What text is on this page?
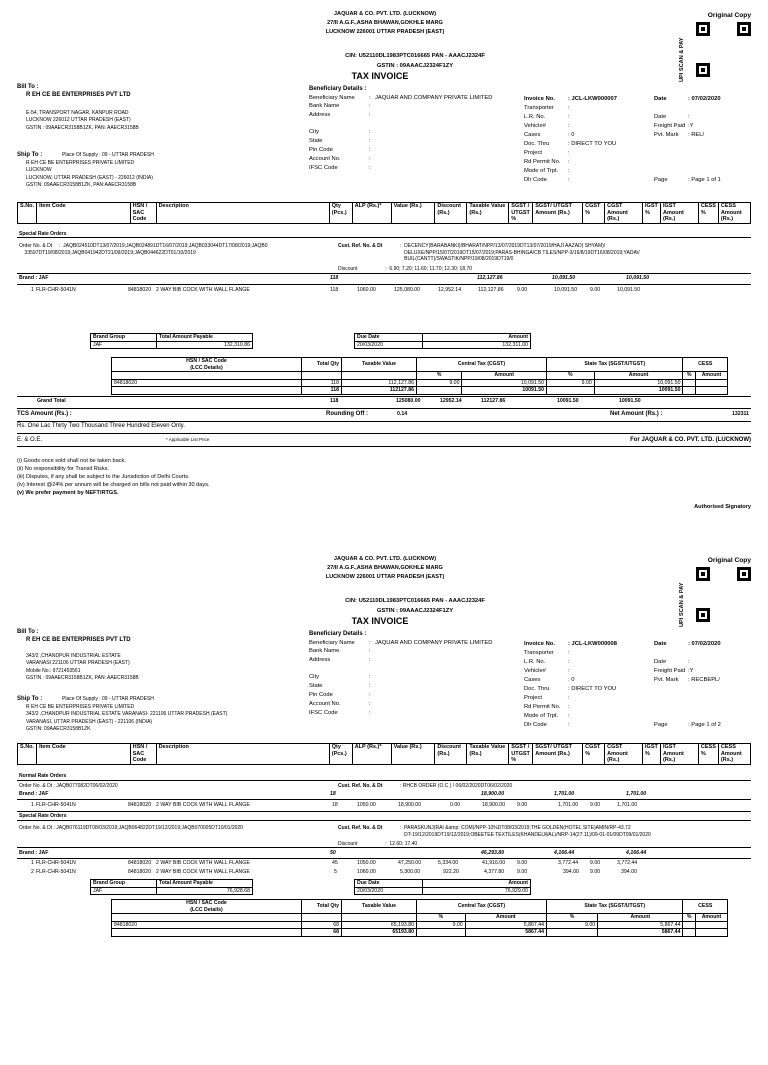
JAQUAR & CO. PVT. LTD. (LUCKNOW)
27/II A.G.F.,ASHA BHAWAN,GOKHLE MARG
LUCKNOW 226001 UTTAR PRADESH (EAST)
Original Copy
UPI SCAN & PAY
CIN: U52110DL1983PTC016665 PAN - AAACJ2324F
GSTIN : 09AAACJ2324F1ZY
TAX INVOICE
Bill To :
R EH CE BE ENTERPRISES PVT LTD
E-54, TRANSPORT NAGAR, KANPUR ROAD
LUCKNOW 226012 UTTAR PRADESH (EAST)
GSTIN : 09AAECR3158B1ZK, PAN: AAECR3158B
Ship To :	Place Of Supply : 09 - UTTAR PRADESH
R EH CE BE ENTERPRISES PRIVATE LIMITED
LUCKNOW
LUCKNOW, UTTAR PRADESH (EAST) - 226012 (INDIA)
GSTIN: 09AAECR3158B1ZK, PAN:AAECR3158B
Beneficiary Details :
Beneficiary Name	:	JAQUAR AND COMPANY PRIVATE LIMITED
Bank Name	:	
Address	:	

City	:	
State	:	
Pin Code	:	
Account No.	:	
IFSC Code	:	
Invoice No.	: JCL-LKW000007	Date	: 07/02/2020
Transporter	:		
L.R. No.	:	Date	:
Vehicle#	:	Freight Paid	:Y
Cases	: 0	Pvt. Mark	: REL/
Doc. Thru	: DIRECT TO YOU		
Project	:		
Rd Permit No.	:		
Mode of Trpt.	:		
Dlr Code	:	Page	: Page 1 of 1
S.No.	Item Code	HSN / SAC Code	Description	Qty (Pcs.)	ALP (Rs.)*	Value (Rs.)	Discount (Rs.)	Taxable Value (Rs.)	SGST / UTGST %	SGST/ UTGST Amount (Rs.)	CGST %	CGST Amount (Rs.)	IGST %	IGST Amount (Rs.)	CESS %	CESS Amount (Rs.)
Special Rate Orders
Order No. & Dt     :  JAQB024510DT13/07/2019;JAQB024891DT16/07/2019;JAQB033044DT17/08/2019;JAQB0
33597DT19/08/2019;JAQB041942DT21/09/2019;JAQB044622DT01/10/2019
Cust. Ref. No. & Dt	:  DECENCY(BARABANKI)/BHARAT/NPP/13/07/2019DT13/07/2019/HAJI AAZAD( SHYAM)/
DELUXE/NPP/15/07/2019DT15/07/2019;PARAS-BHINGA/CB TILES/NPP-3/16/8/19DT16/08/2019;YADAV
BUIL(CANTT)/SWASTIK/NPP/19/08/2019DT19/0
Discount                    :  6.90; 7.20; 11.60; 11.70; 12.30; 18.70
Brand : JAF	118	112,127.86	10,091.50	10,091.50
1 FLR-CHR-5041N	84818020 2 WAY BIB COCK WITH WALL FLANGE	118	1060.00	125,080.00	12,952.14	112,127.86	9.00	10,091.50 9.00	10,091.50
Brand Group	Total Amount Payable
JAF	132,310.86
Due Date	Amount
20/03/2020	132,311.00
HSN / SAC Code
(LCC Details)	Total Qty	Taxable Value	Central Tax (CGST)		State Tax (SGST/UTGST)		CESS	
			%	Amount	%	Amount	%	Amount
84818020	118	112,127.86	9.00	10,091.50	9.00	10,091.50		
	118	112127.86		10091.50		10091.50		
Grand Total	118	125080.00	12952.14	112127.86	10091.50	10091.50
TCS Amount (Rs.) :	Rounding Off :	0.14	Net Amount (Rs.) :	132311
Rs. One Lac Thirty Two Thousand Three Hundred Eleven Only.
E. & O.E.	* Applicable List Price	For JAQUAR & CO. PVT. LTD. (LUCKNOW)
(i) Goods once sold shall not be taken back.
(ii) No responsibility for Transit Risks.
(iii) Disputes, if any shall be subject to the Jurisdiction of Delhi Courts.
(iv) Interest @24% per annum will be charged on bills not paid within 30 days.
(v) We prefer payment by NEFT/RTGS.
Authorised Signatory
JAQUAR & CO. PVT. LTD. (LUCKNOW)
27/II A.G.F.,ASHA BHAWAN,GOKHLE MARG
LUCKNOW 226001 UTTAR PRADESH (EAST)
Original Copy
UPI SCAN & PAY
CIN: U52110DL1983PTC016665 PAN - AAACJ2324F
GSTIN : 09AAACJ2324F1ZY
TAX INVOICE
Bill To :
R EH CE BE ENTERPRISES PVT LTD
343/2 ,CHANDPUR INDUSTRIAL ESTATE
VARANASI 221106 UTTAR PRADESH (EAST)
Mobile No.: 9721453561
GSTIN : 09AAECR3158B1ZK, PAN: AAECR3158B
Ship To :	Place Of Supply : 09 - UTTAR PRADESH
R EH CE BE ENTERPRISES PRIVATE LIMITED
343/2 ,CHANDPUR INDUSTRIAL ESTATE VARANASI- 221106 UTTAR PRADESH (EAST)
VARANASI, UTTAR PRADESH (EAST) - 221106 (INDIA)
GSTIN: 09AAECR3158B1ZK
Beneficiary Details :
Beneficiary Name	:	JAQUAR AND COMPANY PRIVATE LIMITED
Bank Name	:	
Address	:	

City	:	
State	:	
Pin Code	:	
Account No.	:	
IFSC Code	:	
Invoice No.	: JCL-LKW000008	Date	: 07/02/2020
Transporter	:		
L.R. No.	:	Date	:
Vehicle#	:	Freight Paid	:Y
Cases	: 0	Pvt. Mark	: RECBEPL/
Doc. Thru	: DIRECT TO YOU		
Project	:		
Rd Permit No.	:		
Mode of Trpt.	:		
Dlr Code	:	Page	: Page 1 of 2
S.No.	Item Code	HSN / SAC Code	Description	Qty (Pcs.)	ALP (Rs.)*	Value (Rs.)	Discount (Rs.)	Taxable Value (Rs.)	SGST / UTGST %	SGST/ UTGST Amount (Rs.)	CGST %	CGST Amount (Rs.)	IGST %	IGST Amount (Rs.)	CESS %	CESS Amount (Rs.)
Normal Rate Orders
Order No. & Dt : JAQB077082DT06/02/2020	Cust. Ref. No. & Dt	: RHCB ORDER (O.C ) / 06/02/2020DT06/02/2020
Brand : JAF	18	18,900.00	1,701.00	1,701.00
1 FLR-CHR-5041N	84818020 2 WAY BIB COCK WITH WALL FLANGE	18	1050.00	18,900.00	0.00	18,900.00 9.00	1,701.00 9.00	1,701.00
Special Rate Orders
Order No. & Dt : JAQB076119DT08/03/2019;JAQB064822DT19/12/2019;JAQB070005DT10/01/2020	Cust. Ref. No. & Dt	:  PARASKUNJ(RAI &amp; COM)/NPP-10%DT08/03/2019;THE GOLDEN(HOTEL SITE)AMIN/RP-43.72
DT-19/12/2019DT19/12/2019;OBEETEE TEXTILES(KHANDELWAL)/NRP-14(27.11)/09-01-01/09DT09/01/2020
Discount                    :  12.60; 17.40
Brand : JAF	50	46,293.80	4,166.44	4,166.44
1 FLR-CHR-5041N	84818020 2 WAY BIB COCK WITH WALL FLANGE	45	1050.00	47,250.00	5,334.00	41,916.00 9.00	3,772.44 9.00	3,772.44
2 FLR-CHR-5041N	84818020 2 WAY BIB COCK WITH WALL FLANGE	5	1060.00	5,300.00	922.20	4,377.80 9.00	394.00 9.00	394.00
Brand Group	Total Amount Payable
JAF	76,928.68
Due Date	Amount
20/03/2020	76,929.00
HSN / SAC Code
(LCC Details)	Total Qty	Taxable Value	Central Tax (CGST)		State Tax (SGST/UTGST)		CESS	
			%	Amount	%	Amount	%	Amount
84818020	68	65,193.80	9.00	5,867.44	9.00	5,867.44		
	68	65193.80		5867.44		5867.44		
